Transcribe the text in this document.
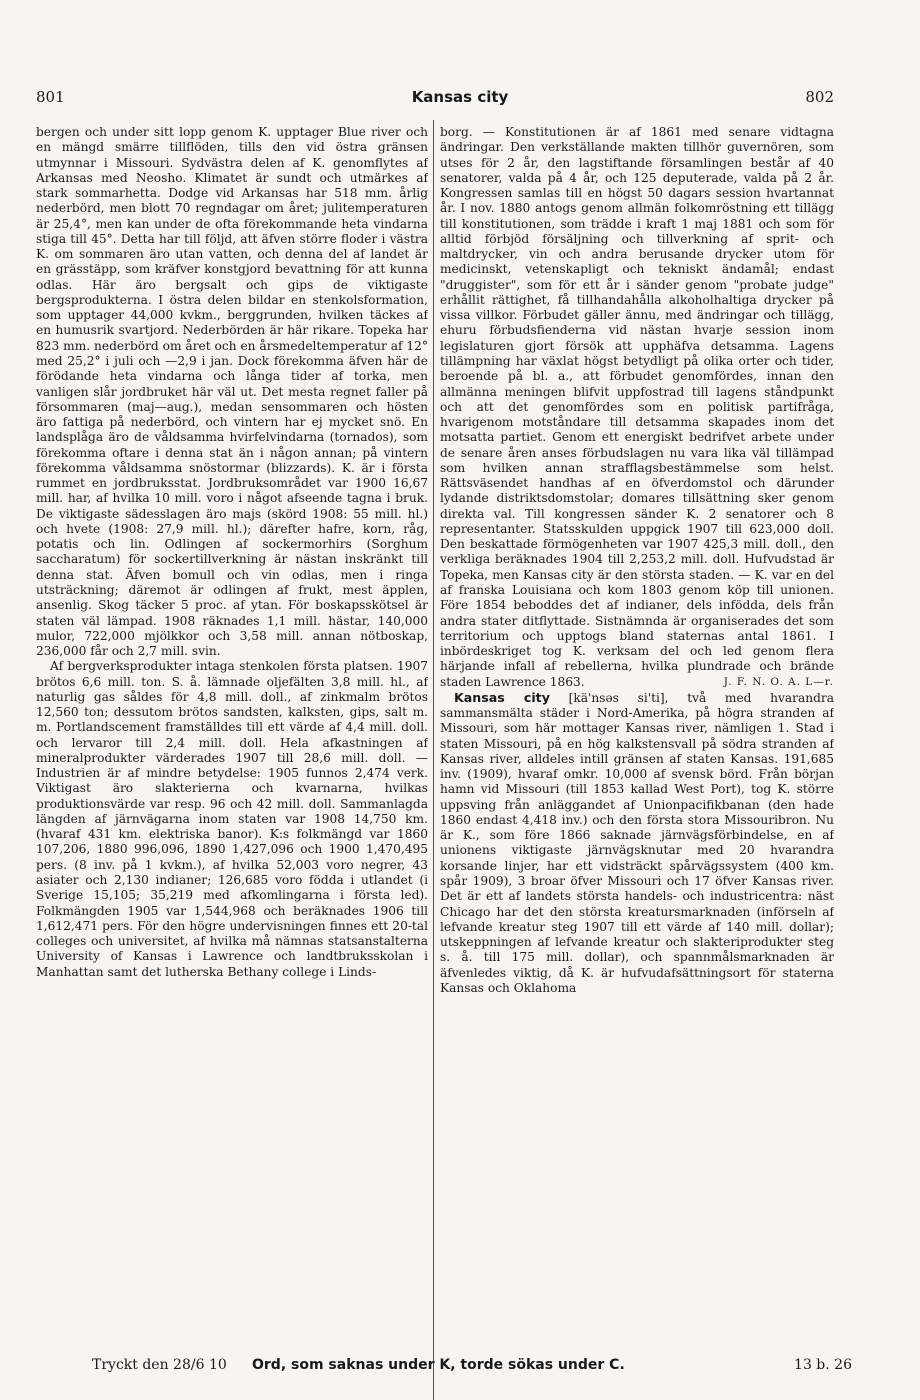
801	Kansas city	802

bergen och under sitt lopp genom K. upptager Blue river och en mängd smärre tillflöden, tills den vid östra gränsen utmynnar i Missouri. Sydvästra delen af K. genomflytes af Arkansas med Neosho. Klimatet är sundt och utmärkes af stark sommarhetta. Dodge vid Arkansas har 518 mm. årlig nederbörd, men blott 70 regndagar om året; julitemperaturen är 25,4°, men kan under de ofta förekommande heta vindarna stiga till 45°. Detta har till följd, att äfven större floder i västra K. om sommaren äro utan vatten, och denna del af landet är en grässtäpp, som kräfver konstgjord bevattning för att kunna odlas. Här äro bergsalt och gips de viktigaste bergsprodukterna. I östra delen bildar en stenkolsformation, som upptager 44,000 kvkm., berggrunden, hvilken täckes af en humusrik svartjord. Nederbörden är här rikare. Topeka har 823 mm. nederbörd om året och en årsmedeltemperatur af 12° med 25,2° i juli och —2,9 i jan. Dock förekomma äfven här de förödande heta vindarna och långa tider af torka, men vanligen slår jordbruket här väl ut. Det mesta regnet faller på försommaren (maj—aug.), medan sensommaren och hösten äro fattiga på nederbörd, och vintern har ej mycket snö. En landsplåga äro de våldsamma hvirfelvindarna (tornados), som förekomma oftare i denna stat än i någon annan; på vintern förekomma våldsamma snöstormar (blizzards). K. är i första rummet en jordbruksstat. Jordbruksområdet var 1900 16,67 mill. har, af hvilka 10 mill. voro i något afseende tagna i bruk. De viktigaste sädesslagen äro majs (skörd 1908: 55 mill. hl.) och hvete (1908: 27,9 mill. hl.); därefter hafre, korn, råg, potatis och lin. Odlingen af sockermorhirs (Sorghum saccharatum) för sockertillverkning är nästan inskränkt till denna stat. Äfven bomull och vin odlas, men i ringa utsträckning; däremot är odlingen af frukt, mest äpplen, ansenlig. Skog täcker 5 proc. af ytan. För boskapsskötsel är staten väl lämpad. 1908 räknades 1,1 mill. hästar, 140,000 mulor, 722,000 mjölkkor och 3,58 mill. annan nötboskap, 236,000 får och 2,7 mill. svin.

Af bergverksprodukter intaga stenkolen första platsen. 1907 brötos 6,6 mill. ton. S. å. lämnade oljefälten 3,8 mill. hl., af naturlig gas såldes för 4,8 mill. doll., af zinkmalm brötos 12,560 ton; dessutom brötos sandsten, kalksten, gips, salt m. m. Portlandscement framställdes till ett värde af 4,4 mill. doll. och lervaror till 2,4 mill. doll. Hela afkastningen af mineralprodukter värderades 1907 till 28,6 mill. doll. — Industrien är af mindre betydelse: 1905 funnos 2,474 verk. Viktigast äro slakterierna och kvarnarna, hvilkas produktionsvärde var resp. 96 och 42 mill. doll. Sammanlagda längden af järnvägarna inom staten var 1908 14,750 km. (hvaraf 431 km. elektriska banor). K:s folkmängd var 1860 107,206, 1880 996,096, 1890 1,427,096 och 1900 1,470,495 pers. (8 inv. på 1 kvkm.), af hvilka 52,003 voro negrer, 43 asiater och 2,130 indianer; 126,685 voro födda i utlandet (i Sverige 15,105; 35,219 med afkomlingarna i första led). Folkmängden 1905 var 1,544,968 och beräknades 1906 till 1,612,471 pers. För den högre undervisningen finnes ett 20-tal colleges och universitet, af hvilka må nämnas statsanstalterna University of Kansas i Lawrence och landtbruksskolan i Manhattan samt det lutherska Bethany college i Linds-

borg. — Konstitutionen är af 1861 med senare vidtagna ändringar. Den verkställande makten tillhör guvernören, som utses för 2 år, den lagstiftande församlingen består af 40 senatorer, valda på 4 år, och 125 deputerade, valda på 2 år. Kongressen samlas till en högst 50 dagars session hvartannat år. I nov. 1880 antogs genom allmän folkomröstning ett tillägg till konstitutionen, som trädde i kraft 1 maj 1881 och som för alltid förbjöd försäljning och tillverkning af sprit- och maltdrycker, vin och andra berusande drycker utom för medicinskt, vetenskapligt och tekniskt ändamål; endast "druggister", som för ett år i sänder genom "probate judge" erhållit rättighet, få tillhandahålla alkoholhaltiga drycker på vissa villkor. Förbudet gäller ännu, med ändringar och tillägg, ehuru förbudsfienderna vid nästan hvarje session inom legislaturen gjort försök att upphäfva detsamma. Lagens tillämpning har växlat högst betydligt på olika orter och tider, beroende på bl. a., att förbudet genomfördes, innan den allmänna meningen blifvit uppfostrad till lagens ståndpunkt och att det genomfördes som en politisk partifråga, hvarigenom motståndare till detsamma skapades inom det motsatta partiet. Genom ett energiskt bedrifvet arbete under de senare åren anses förbudslagen nu vara lika väl tillämpad som hvilken annan strafflagsbestämmelse som helst. Rättsväsendet handhas af en öfverdomstol och därunder lydande distriktsdomstolar; domares tillsättning sker genom direkta val. Till kongressen sänder K. 2 senatorer och 8 representanter. Statsskulden uppgick 1907 till 623,000 doll. Den beskattade förmögenheten var 1907 425,3 mill. doll., den verkliga beräknades 1904 till 2,253,2 mill. doll. Hufvudstad är Topeka, men Kansas city är den största staden. — K. var en del af franska Louisiana och kom 1803 genom köp till unionen. Före 1854 beboddes det af indianer, dels infödda, dels från andra stater ditflyttade. Sistnämnda är organiserades det som territorium och upptogs bland staternas antal 1861. I inbördeskriget tog K. verksam del och led genom flera härjande infall af rebellerna, hvilka plundrade och brände staden Lawrence 1863.	J. F. N. O. A. L—r.

Kansas city [kä'nsəs si'ti], två med hvarandra sammansmälta städer i Nord-Amerika, på högra stranden af Missouri, som här mottager Kansas river, nämligen 1. Stad i staten Missouri, på en hög kalkstensvall på södra stranden af Kansas river, alldeles intill gränsen af staten Kansas. 191,685 inv. (1909), hvaraf omkr. 10,000 af svensk börd. Från början hamn vid Missouri (till 1853 kallad West Port), tog K. större uppsving från anläggandet af Unionpacifikbanan (den hade 1860 endast 4,418 inv.) och den första stora Missouribron. Nu är K., som före 1866 saknade järnvägsförbindelse, en af unionens viktigaste järnvägsknutar med 20 hvarandra korsande linjer, har ett vidsträckt spårvägssystem (400 km. spår 1909), 3 broar öfver Missouri och 17 öfver Kansas river. Det är ett af landets största handels- och industricentra: näst Chicago har det den största kreatursmarknaden (införseln af lefvande kreatur steg 1907 till ett värde af 140 mill. dollar); utskeppningen af lefvande kreatur och slakteriprodukter steg s. å. till 175 mill. dollar), och spannmålsmarknaden är äfvenledes viktig, då K. är hufvudafsättningsort för staterna Kansas och Oklahoma

Tryckt den 28/6 10 Ord, som saknas under K, torde sökas under C.	13 b. 26
